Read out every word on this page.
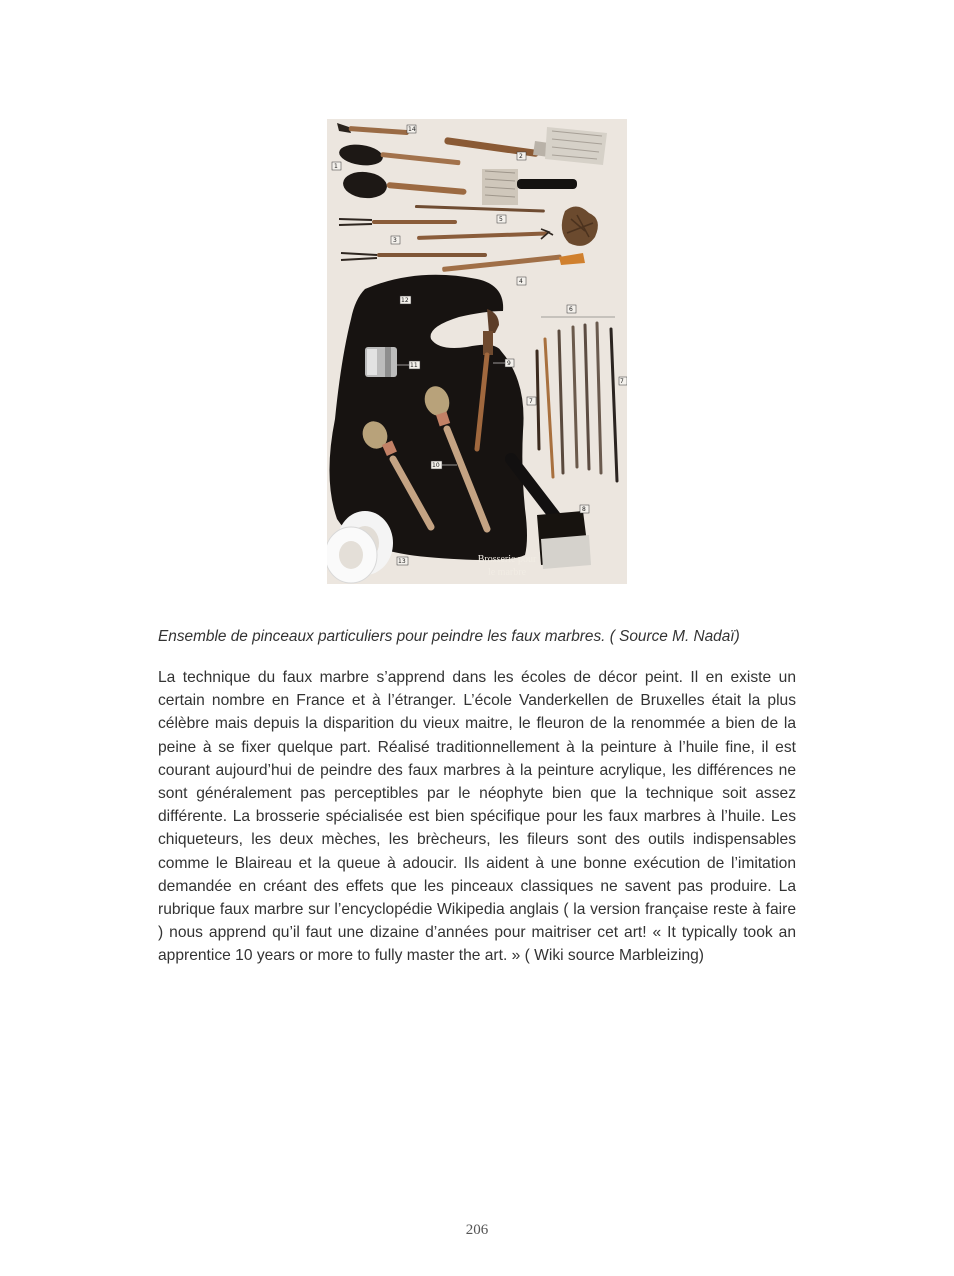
14
2
1
5
3
4
12
6
11	9
7
7
10
8
13	Brosserie pour
le marbre
Ensemble de pinceaux particuliers pour peindre les faux marbres. ( Source M. Nadaï)

La technique du faux marbre s’apprend dans les écoles de décor peint. Il en existe un certain nombre en France et à l’étranger. L’école Vanderkellen de Bruxelles était la plus célèbre mais depuis la disparition du vieux maitre, le fleuron de la renommée a bien de la peine à se fixer quelque part. Réalisé traditionnellement à la peinture à l’huile fine, il est courant aujourd’hui de peindre des faux marbres à la peinture acrylique, les différences ne sont généralement pas perceptibles par le néophyte bien que la technique soit assez différente. La brosserie spécialisée est bien spécifique pour les faux marbres à l’huile. Les chiqueteurs, les deux mèches, les brècheurs, les fileurs sont des outils indispensables comme le Blaireau et la queue à adoucir. Ils aident à une bonne exécution de l’imitation demandée en créant des effets que les pinceaux classiques ne savent pas produire. La rubrique faux marbre sur l’encyclopédie Wikipedia anglais ( la version française reste à faire ) nous apprend qu’il faut une dizaine d’années pour maitriser cet art! « It typically took an apprentice 10 years or more to fully master the art. » ( Wiki source Marbleizing)

206
